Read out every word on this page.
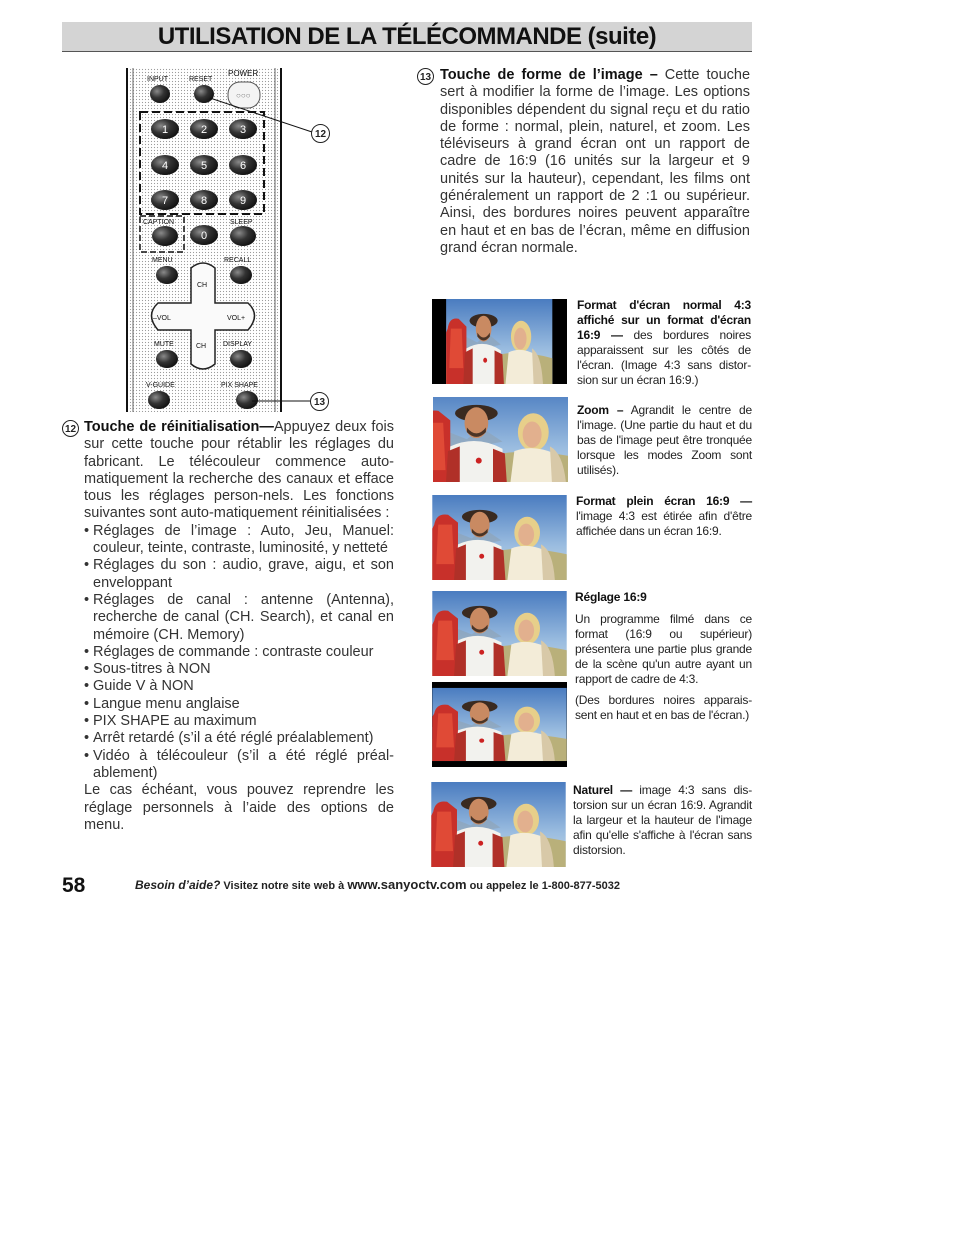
UTILISATION DE LA TÉLÉCOMMANDE (suite)
INPUT	RESET
POWER
○○○
1	2	3
4	5	6
7	8	9
0
CAPTION	SLEEP
MENU	RECALL
CH
CH
–VOL	VOL+
MUTE	DISPLAY
V-GUIDE	PIX SHAPE
12
13
12 Touche de réinitialisation—Appuyez deux fois sur cette touche pour rétablir les réglages du fabricant. Le télécouleur commence auto-matiquement la recherche des canaux et efface tous les réglages person-nels. Les fonctions suivantes sont auto-matiquement réinitialisées :
• Réglages de l’image : Auto, Jeu, Manuel: couleur, teinte, contraste, luminosité, y netteté
• Réglages du son : audio, grave, aigu, et son enveloppant
• Réglages de canal : antenne (Antenna), recherche de canal (CH. Search), et canal en mémoire (CH. Memory)
• Réglages de commande : contraste couleur
• Sous-titres à NON
• Guide V à NON
• Langue menu anglaise
• PIX SHAPE au maximum
• Arrêt retardé (s’il a été réglé préalablement)
• Vidéo à télécouleur (s’il a été réglé préal-ablement)
Le cas échéant, vous pouvez reprendre les réglage personnels à l’aide des options de menu.
13 Touche de forme de l’image – Cette touche sert à modifier la forme de l’image. Les options disponibles dépendent du signal reçu et du ratio de forme : normal, plein, naturel, et zoom. Les téléviseurs à grand écran ont un rapport de cadre de 16:9 (16 unités sur la largeur et 9 unités sur la hauteur), cependant, les films ont généralement un rapport de 2 :1 ou supérieur. Ainsi, des bordures noires peuvent apparaître en haut et en bas de l’écran, même en diffusion grand écran normale.
Format d'écran normal 4:3 affiché sur un format d'écran 16:9 — des bordures noires apparaissent sur les côtés de l'écran. (Image 4:3 sans distor-sion sur un écran 16:9.)
Zoom – Agrandit le centre de l'image. (Une partie du haut et du bas de l'image peut être tronquée lorsque les modes Zoom sont utilisés).
Format plein écran 16:9 — l'image 4:3 est étirée afin d'être affichée dans un écran 16:9.
Réglage 16:9
Un programme filmé dans ce format (16:9 ou supérieur) présentera une partie plus grande de la scène qu'un autre ayant un rapport de cadre de 4:3.
(Des bordures noires apparais-sent en haut et en bas de l'écran.)
Naturel — image 4:3 sans dis-torsion sur un écran 16:9. Agrandit la largeur et la hauteur de l'image afin qu'elle s'affiche à l'écran sans distorsion.
58	Besoin d’aide? Visitez notre site web à www.sanyoctv.com ou appelez le 1-800-877-5032
